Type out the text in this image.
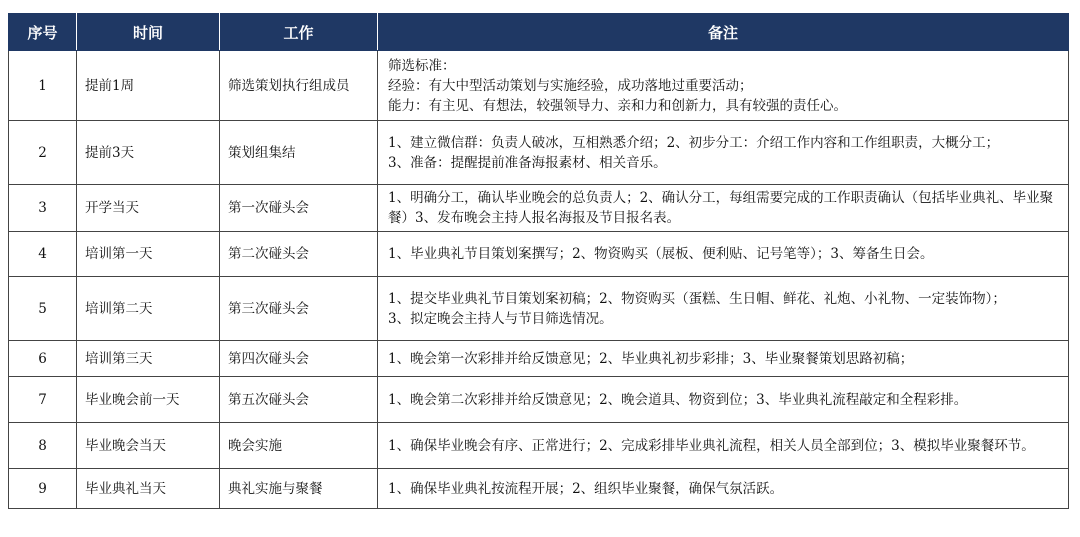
序号	时间	工作	备注
1	提前1周	筛选策划执行组成员	筛选标准：
经验：有大中型活动策划与实施经验，成功落地过重要活动；
能力：有主见、有想法，较强领导力、亲和力和创新力，具有较强的责任心。

2	提前3天	策划组集结	1、建立微信群：负责人破冰，互相熟悉介绍；2、初步分工：介绍工作内容和工作组职责，大概分工；
3、准备：提醒提前准备海报素材、相关音乐。

3	开学当天	第一次碰头会	1、明确分工，确认毕业晚会的总负责人；2、确认分工，每组需要完成的工作职责确认（包括毕业典礼、毕业聚餐）3、发布晚会主持人报名海报及节目报名表。

4	培训第一天	第二次碰头会	1、毕业典礼节目策划案撰写；2、物资购买（展板、便利贴、记号笔等）；3、筹备生日会。

5	培训第二天	第三次碰头会	1、提交毕业典礼节目策划案初稿；2、物资购买（蛋糕、生日帽、鲜花、礼炮、小礼物、一定装饰物）；
3、拟定晚会主持人与节目筛选情况。

6	培训第三天	第四次碰头会	1、晚会第一次彩排并给反馈意见；2、毕业典礼初步彩排；3、毕业聚餐策划思路初稿；

7	毕业晚会前一天	第五次碰头会	1、晚会第二次彩排并给反馈意见；2、晚会道具、物资到位；3、毕业典礼流程敲定和全程彩排。

8	毕业晚会当天	晚会实施	1、确保毕业晚会有序、正常进行；2、完成彩排毕业典礼流程，相关人员全部到位；3、模拟毕业聚餐环节。

9	毕业典礼当天	典礼实施与聚餐	1、确保毕业典礼按流程开展；2、组织毕业聚餐，确保气氛活跃。
